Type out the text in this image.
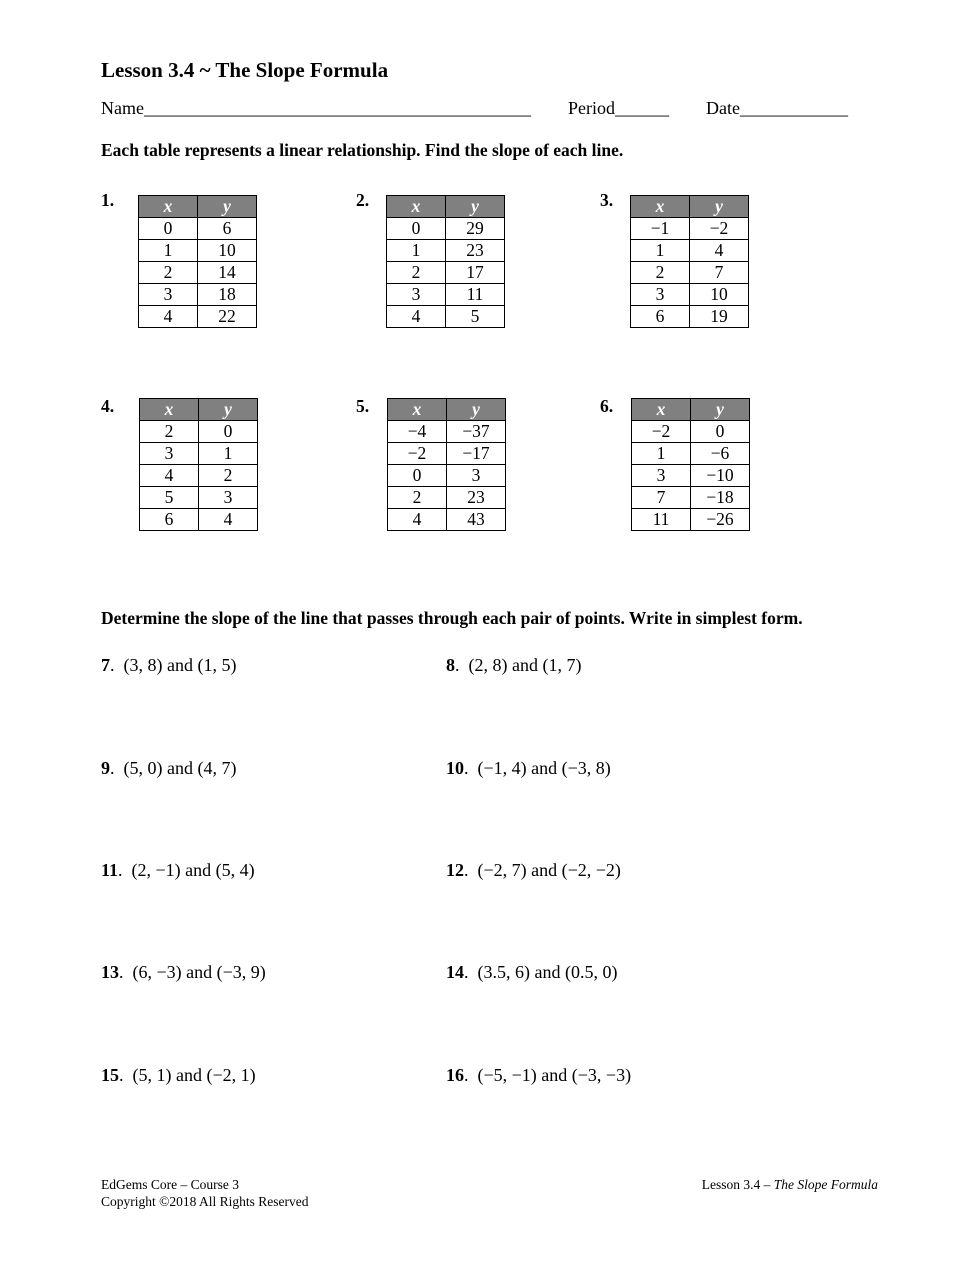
Lesson 3.4 ~ The Slope Formula
Name___________________________________________ Period______ Date____________
Each table represents a linear relationship. Find the slope of each line.
1.	x	y
0	6
1	10
2	14
3	18
4	22
2. x	y
0	29
1	23
2	17
3	11
4	5
3. x	y
−1	−2
1	4
2	7
3	10
6	19
4.	x	y
2	0
3	1
4	2
5	3
6	4
5. x	y
−4	−37
−2	−17
0	3
2	23
4	43
6. x	y
−2	0
1	−6
3	−10
7	−18
11	−26
Determine the slope of the line that passes through each pair of points. Write in simplest form.
7.  (3, 8) and (1, 5)	8.  (2, 8) and (1, 7)
9.  (5, 0) and (4, 7)	10.  (−1, 4) and (−3, 8)
11.  (2, −1) and (5, 4)	12.  (−2, 7) and (−2, −2)
13.  (6, −3) and (−3, 9)	14.  (3.5, 6) and (0.5, 0)
15.  (5, 1) and (−2, 1)	16.  (−5, −1) and (−3, −3)
EdGems Core – Course 3
Copyright ©2018 All Rights Reserved
Lesson 3.4 – The Slope Formula
